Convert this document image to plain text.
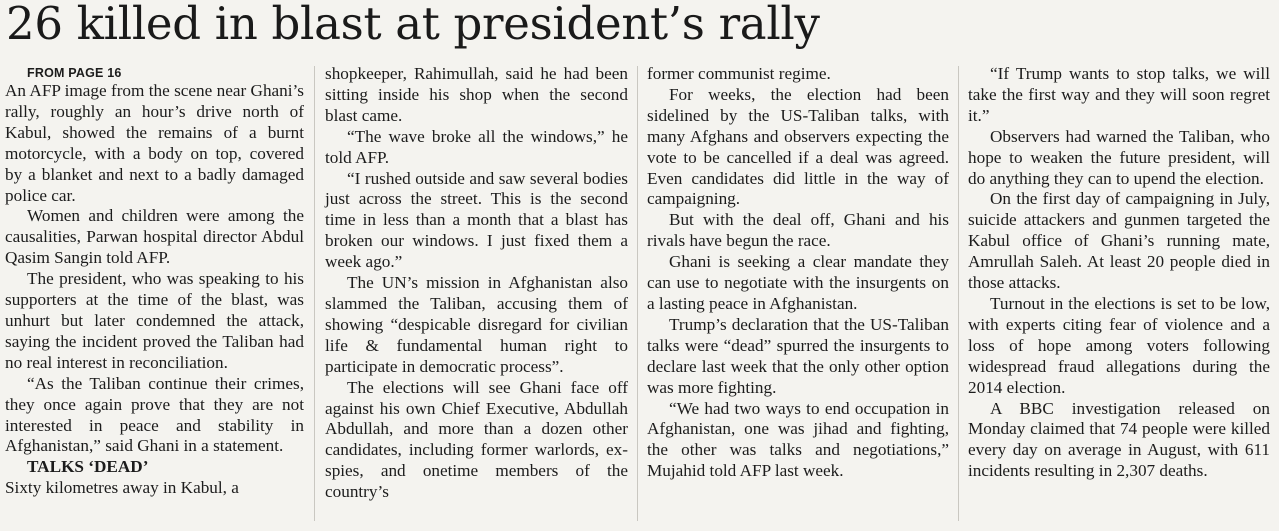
26 killed in blast at president’s rally

FROM PAGE 16

An AFP image from the scene near Ghani’s rally, roughly an hour’s drive north of Kabul, showed the remains of a burnt motorcycle, with a body on top, covered by a blanket and next to a badly damaged police car.

Women and children were among the causalities, Parwan hospital director Abdul Qasim Sangin told AFP.

The president, who was speaking to his supporters at the time of the blast, was unhurt but later condemned the attack, saying the incident proved the Taliban had no real interest in reconciliation.

“As the Taliban continue their crimes, they once again prove that they are not interested in peace and stability in Afghanistan,” said Ghani in a statement.

TALKS ‘DEAD’

Sixty kilometres away in Kabul, a

shopkeeper, Rahimullah, said he had been sitting inside his shop when the second blast came.

“The wave broke all the windows,” he told AFP.

“I rushed outside and saw several bodies just across the street. This is the second time in less than a month that a blast has broken our windows. I just fixed them a week ago.”

The UN’s mission in Afghanistan also slammed the Taliban, accusing them of showing “despicable disregard for civilian life & fundamental human right to participate in democratic process”.

The elections will see Ghani face off against his own Chief Executive, Abdullah Abdullah, and more than a dozen other candidates, including former warlords, ex-spies, and onetime members of the country’s

former communist regime.

For weeks, the election had been sidelined by the US-Taliban talks, with many Afghans and observers expecting the vote to be cancelled if a deal was agreed. Even candidates did little in the way of campaigning.

But with the deal off, Ghani and his rivals have begun the race.

Ghani is seeking a clear mandate they can use to negotiate with the insurgents on a lasting peace in Afghanistan.

Trump’s declaration that the US-Taliban talks were “dead” spurred the insurgents to declare last week that the only other option was more fighting.

“We had two ways to end occupation in Afghanistan, one was jihad and fighting, the other was talks and negotiations,” Mujahid told AFP last week.

“If Trump wants to stop talks, we will take the first way and they will soon regret it.”

Observers had warned the Taliban, who hope to weaken the future president, will do anything they can to upend the election.

On the first day of campaigning in July, suicide attackers and gunmen targeted the Kabul office of Ghani’s running mate, Amrullah Saleh. At least 20 people died in those attacks.

Turnout in the elections is set to be low, with experts citing fear of violence and a loss of hope among voters following widespread fraud allegations during the 2014 election.

A BBC investigation released on Monday claimed that 74 people were killed every day on average in August, with 611 incidents resulting in 2,307 deaths.
